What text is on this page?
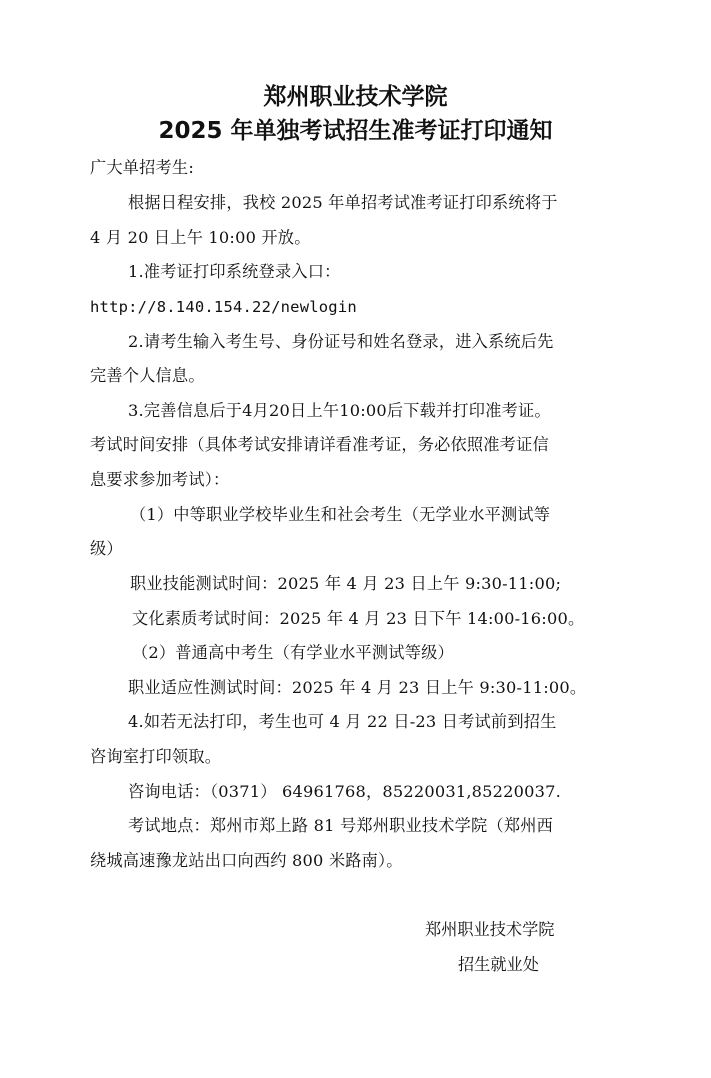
郑州职业技术学院
2025 年单独考试招生准考证打印通知
广大单招考生:
根据日程安排，我校 2025 年单招考试准考证打印系统将于
4 月 20 日上午 10:00 开放。
1.准考证打印系统登录入口：
http://8.140.154.22/newlogin
2.请考生输入考生号、身份证号和姓名登录，进入系统后先
完善个人信息。
3.完善信息后于4月20日上午10:00后下载并打印准考证。
考试时间安排（具体考试安排请详看准考证，务必依照准考证信
息要求参加考试）：
（1）中等职业学校毕业生和社会考生（无学业水平测试等
级）
职业技能测试时间：2025 年 4 月 23 日上午 9:30-11:00;
文化素质考试时间：2025 年 4 月 23 日下午 14:00-16:00。
（2）普通高中考生（有学业水平测试等级）
职业适应性测试时间：2025 年 4 月 23 日上午 9:30-11:00。
4.如若无法打印，考生也可 4 月 22 日-23 日考试前到招生
咨询室打印领取。
咨询电话：（0371） 64961768，85220031,85220037.
考试地点：郑州市郑上路 81 号郑州职业技术学院（郑州西
绕城高速豫龙站出口向西约 800 米路南）。
郑州职业技术学院
招生就业处
